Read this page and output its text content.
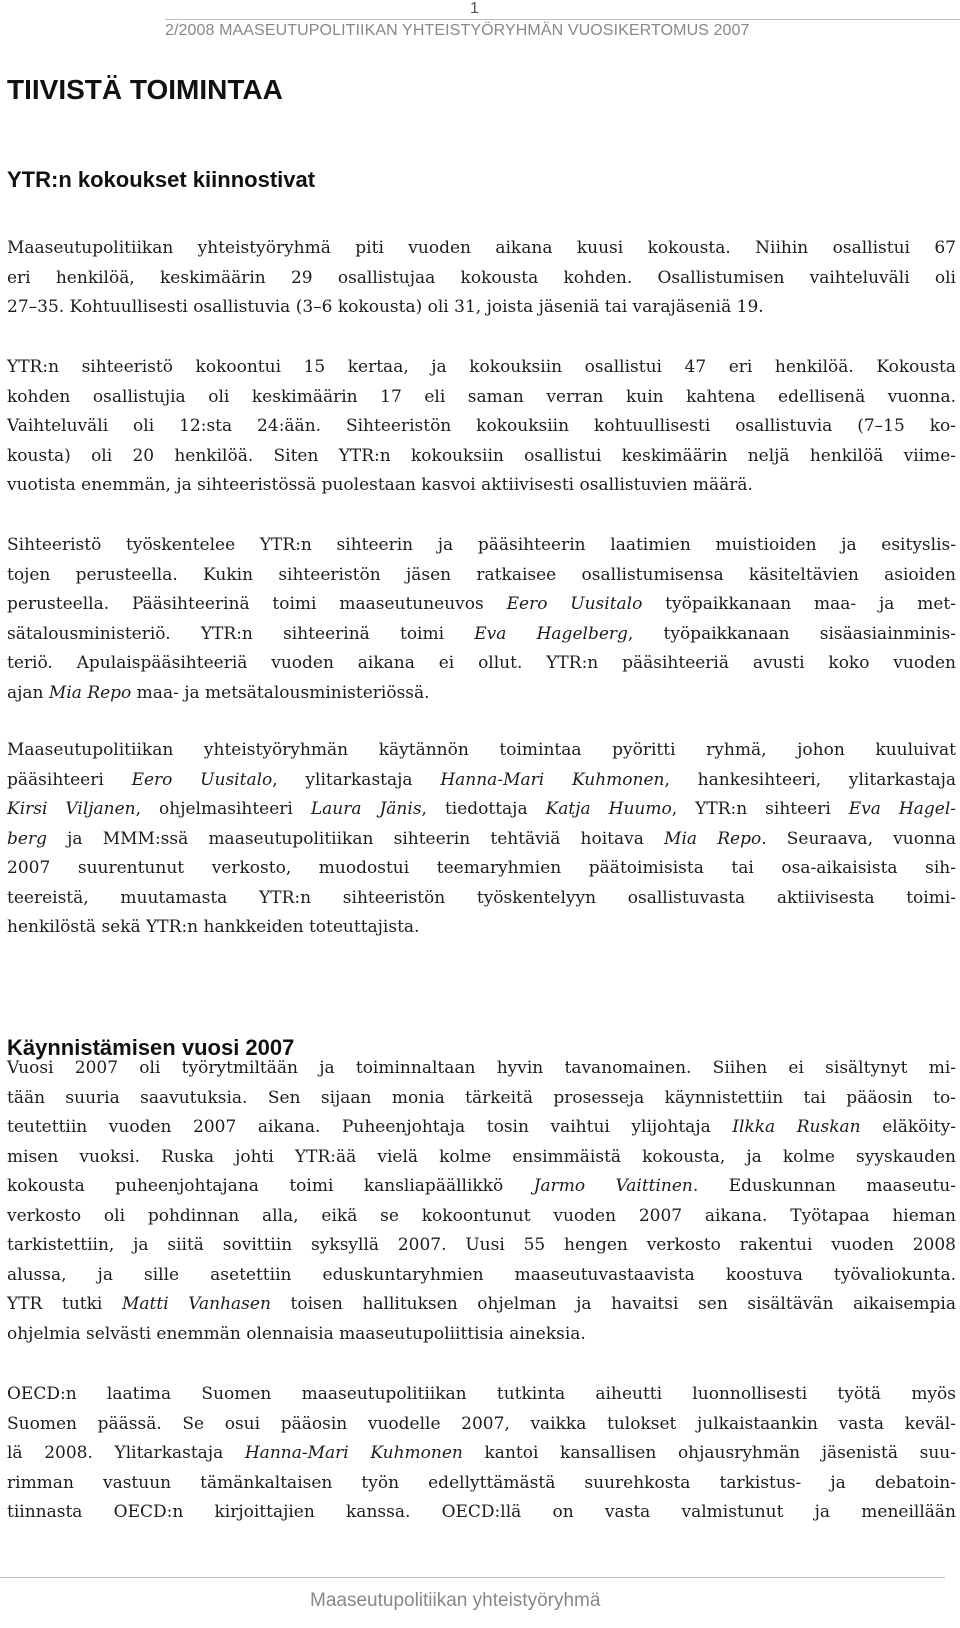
1
2/2008 MAASEUTUPOLITIIKAN YHTEISTYÖRYHMÄN VUOSIKERTOMUS 2007
TIIVISTÄ TOIMINTAA
YTR:n kokoukset kiinnostivat
Maaseutupolitiikan yhteistyöryhmä piti vuoden aikana kuusi kokousta. Niihin osallistui 67
eri henkilöä, keskimäärin 29 osallistujaa kokousta kohden. Osallistumisen vaihteluväli oli
27–35. Kohtuullisesti osallistuvia (3–6 kokousta) oli 31, joista jäseniä tai varajäseniä 19.
YTR:n sihteeristö kokoontui 15 kertaa, ja kokouksiin osallistui 47 eri henkilöä. Kokousta
kohden osallistujia oli keskimäärin 17 eli saman verran kuin kahtena edellisenä vuonna.
Vaihteluväli oli 12:sta 24:ään. Sihteeristön kokouksiin kohtuullisesti osallistuvia (7–15 ko-
kousta) oli 20 henkilöä. Siten YTR:n kokouksiin osallistui keskimäärin neljä henkilöä viime-
vuotista enemmän, ja sihteeristössä puolestaan kasvoi aktiivisesti osallistuvien määrä.
Sihteeristö työskentelee YTR:n sihteerin ja pääsihteerin laatimien muistioiden ja esityslis-
tojen perusteella. Kukin sihteeristön jäsen ratkaisee osallistumisensa käsiteltävien asioiden
perusteella. Pääsihteerinä toimi maaseutuneuvos Eero Uusitalo työpaikkanaan maa- ja met-
sätalousministeriö. YTR:n sihteerinä toimi Eva Hagelberg, työpaikkanaan sisäasiainminis-
teriö. Apulaispääsihteeriä vuoden aikana ei ollut. YTR:n pääsihteeriä avusti koko vuoden
ajan Mia Repo maa- ja metsätalousministeriössä.
Maaseutupolitiikan yhteistyöryhmän käytännön toimintaa pyöritti ryhmä, johon kuuluivat
pääsihteeri Eero Uusitalo, ylitarkastaja Hanna-Mari Kuhmonen, hankesihteeri, ylitarkastaja
Kirsi Viljanen, ohjelmasihteeri Laura Jänis, tiedottaja Katja Huumo, YTR:n sihteeri Eva Hagel-
berg ja MMM:ssä maaseutupolitiikan sihteerin tehtäviä hoitava Mia Repo. Seuraava, vuonna
2007 suurentunut verkosto, muodostui teemaryhmien päätoimisista tai osa-aikaisista sih-
teereistä, muutamasta YTR:n sihteeristön työskentelyyn osallistuvasta aktiivisesta toimi-
henkilöstä sekä YTR:n hankkeiden toteuttajista.
Käynnistämisen vuosi 2007
Vuosi 2007 oli työrytmiltään ja toiminnaltaan hyvin tavanomainen. Siihen ei sisältynyt mi-
tään suuria saavutuksia. Sen sijaan monia tärkeitä prosesseja käynnistettiin tai pääosin to-
teutettiin vuoden 2007 aikana. Puheenjohtaja tosin vaihtui ylijohtaja Ilkka Ruskan eläköity-
misen vuoksi. Ruska johti YTR:ää vielä kolme ensimmäistä kokousta, ja kolme syyskauden
kokousta puheenjohtajana toimi kansliapäällikkö Jarmo Vaittinen. Eduskunnan maaseutu-
verkosto oli pohdinnan alla, eikä se kokoontunut vuoden 2007 aikana. Työtapaa hieman
tarkistettiin, ja siitä sovittiin syksyllä 2007. Uusi 55 hengen verkosto rakentui vuoden 2008
alussa, ja sille asetettiin eduskuntaryhmien maaseutuvastaavista koostuva työvaliokunta.
YTR tutki Matti Vanhasen toisen hallituksen ohjelman ja havaitsi sen sisältävän aikaisempia
ohjelmia selvästi enemmän olennaisia maaseutupoliittisia aineksia.
OECD:n laatima Suomen maaseutupolitiikan tutkinta aiheutti luonnollisesti työtä myös
Suomen päässä. Se osui pääosin vuodelle 2007, vaikka tulokset julkaistaankin vasta keväl-
lä 2008. Ylitarkastaja Hanna-Mari Kuhmonen kantoi kansallisen ohjausryhmän jäsenistä suu-
rimman vastuun tämänkaltaisen työn edellyttämästä suurehkosta tarkistus- ja debatoin-
tiinnasta OECD:n kirjoittajien kanssa. OECD:llä on vasta valmistunut ja meneillään
Maaseutupolitiikan yhteistyöryhmä
